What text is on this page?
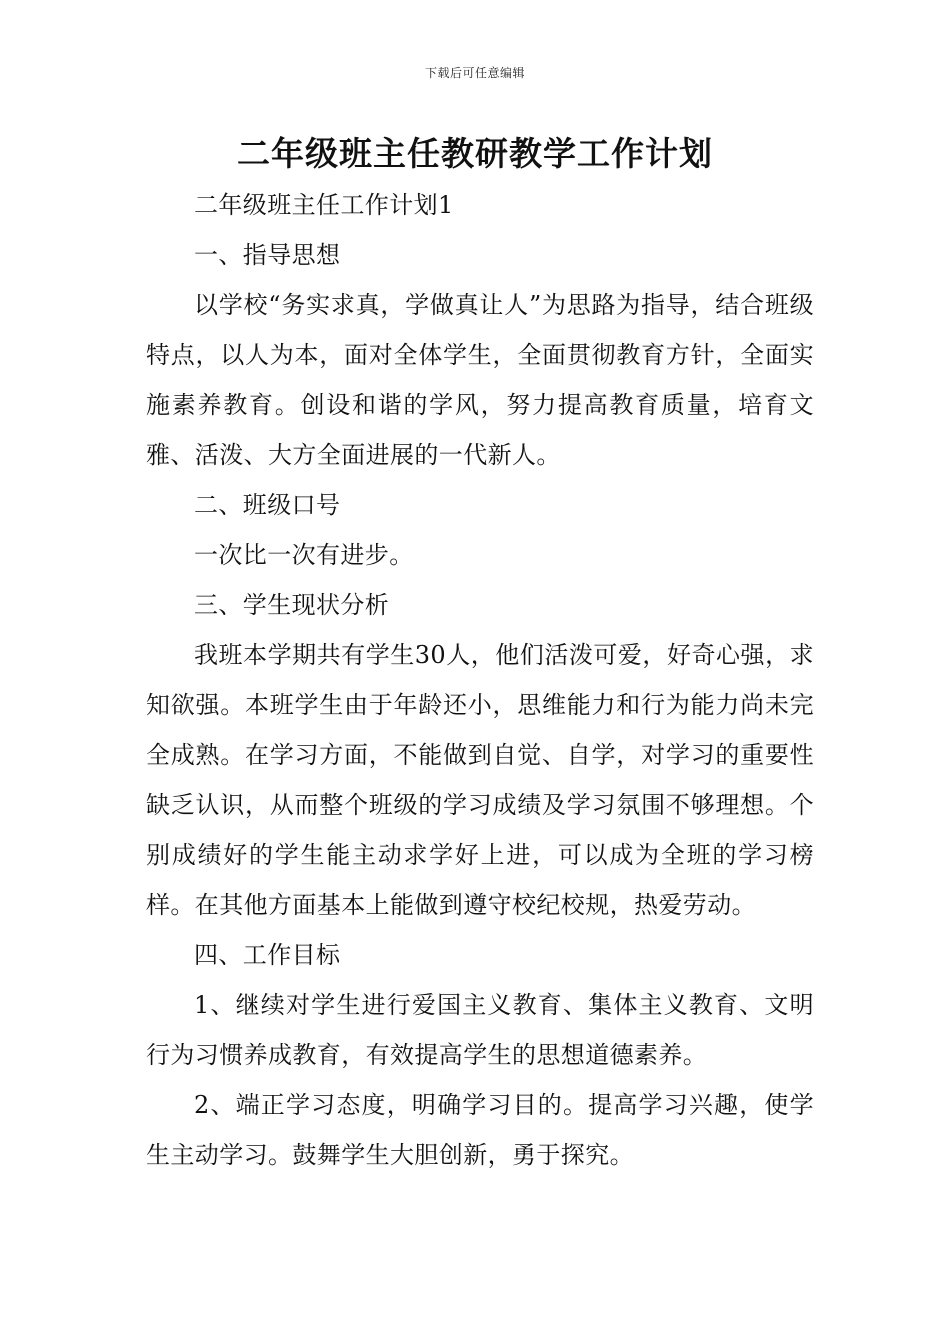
下载后可任意编辑
二年级班主任教研教学工作计划

二年级班主任工作计划1

一、指导思想

以学校“务实求真，学做真让人”为思路为指导，结合班级特点，以人为本，面对全体学生，全面贯彻教育方针，全面实施素养教育。创设和谐的学风，努力提高教育质量，培育文雅、活泼、大方全面进展的一代新人。

二、班级口号

一次比一次有进步。

三、学生现状分析

我班本学期共有学生30人，他们活泼可爱，好奇心强，求知欲强。本班学生由于年龄还小，思维能力和行为能力尚未完全成熟。在学习方面，不能做到自觉、自学，对学习的重要性缺乏认识，从而整个班级的学习成绩及学习氛围不够理想。个别成绩好的学生能主动求学好上进，可以成为全班的学习榜样。在其他方面基本上能做到遵守校纪校规，热爱劳动。

四、工作目标

1、继续对学生进行爱国主义教育、集体主义教育、文明行为习惯养成教育，有效提高学生的思想道德素养。

2、端正学习态度，明确学习目的。提高学习兴趣，使学生主动学习。鼓舞学生大胆创新，勇于探究。
